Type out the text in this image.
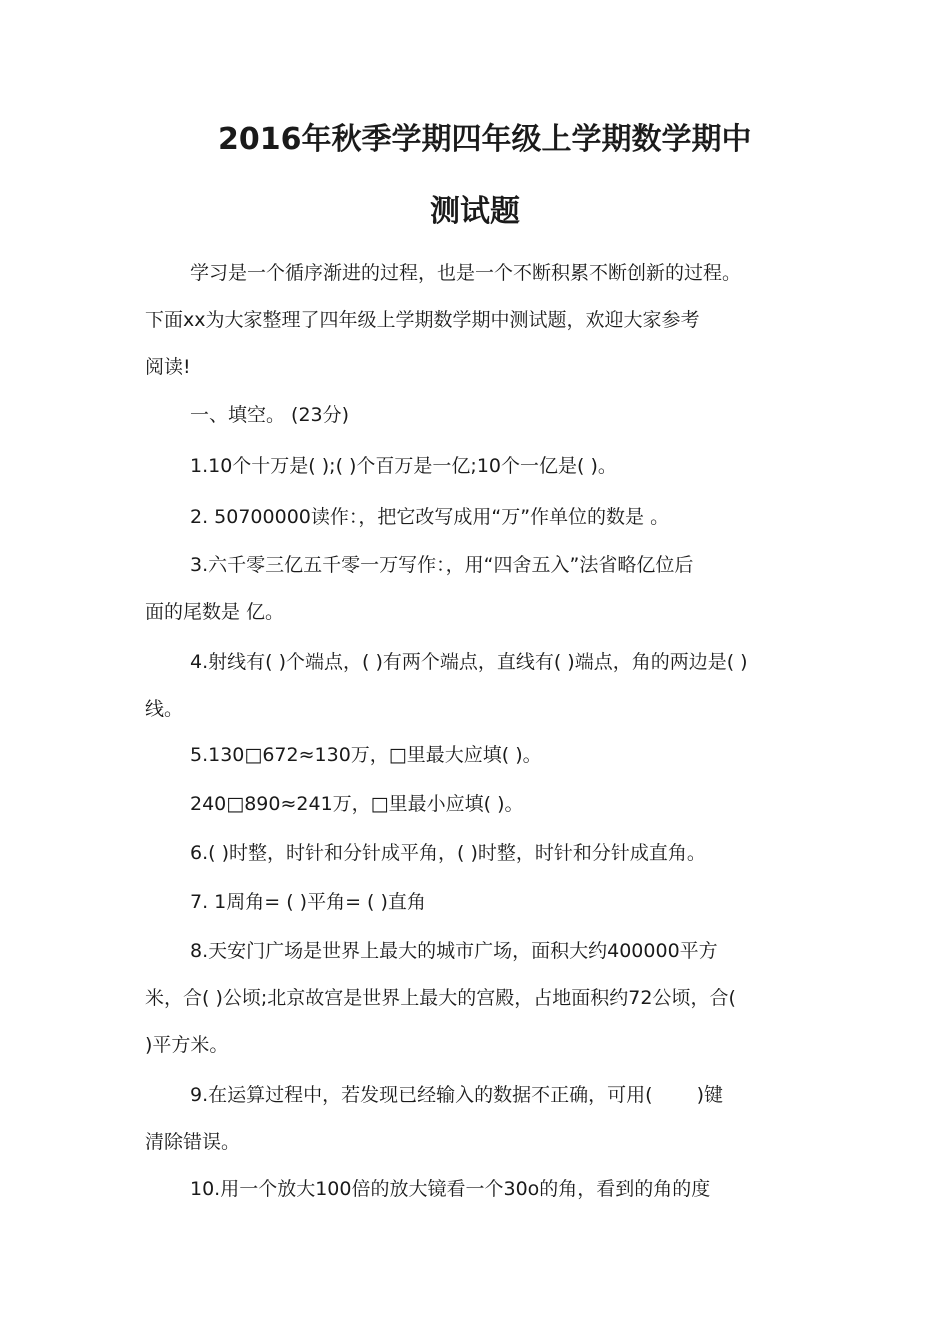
2016年秋季学期四年级上学期数学期中
测试题

学习是一个循序渐进的过程，也是一个不断积累不断创新的过程。

下面xx为大家整理了四年级上学期数学期中测试题，欢迎大家参考

阅读!

一、填空。 (23分)

1.10个十万是( );( )个百万是一亿;10个一亿是( )。

2. 50700000读作：，把它改写成用“万”作单位的数是 。

3.六千零三亿五千零一万写作：，用“四舍五入”法省略亿位后

面的尾数是 亿。

4.射线有( )个端点，( )有两个端点，直线有( )端点，角的两边是( )

线。

5.130□672≈130万，□里最大应填( )。

240□890≈241万，□里最小应填( )。

6.( )时整，时针和分针成平角，( )时整，时针和分针成直角。

7. 1周角= ( )平角= ( )直角

8.天安门广场是世界上最大的城市广场，面积大约400000平方

米，合( )公顷;北京故宫是世界上最大的宫殿，占地面积约72公顷，合(

)平方米。

9.在运算过程中，若发现已经输入的数据不正确，可用(　　 )键

清除错误。

10.用一个放大100倍的放大镜看一个30o的角，看到的角的度
